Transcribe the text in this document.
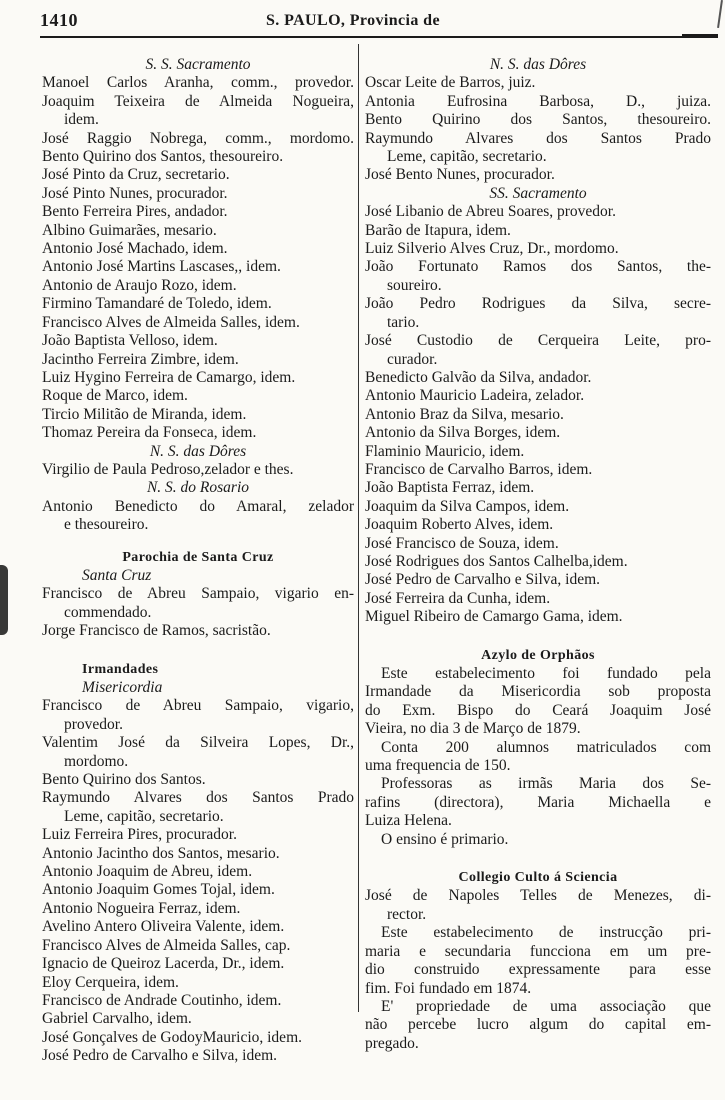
1410	S. PAULO, Provincia de
S. S. Sacramento
Manoel Carlos Aranha, comm., provedor.
Joaquim Teixeira de Almeida Nogueira,
idem.
José Raggio Nobrega, comm., mordomo.
Bento Quirino dos Santos, thesoureiro.
José Pinto da Cruz, secretario.
José Pinto Nunes, procurador.
Bento Ferreira Pires, andador.
Albino Guimarães, mesario.
Antonio José Machado, idem.
Antonio José Martins Lascases,, idem.
Antonio de Araujo Rozo, idem.
Firmino Tamandaré de Toledo, idem.
Francisco Alves de Almeida Salles, idem.
João Baptista Velloso, idem.
Jacintho Ferreira Zimbre, idem.
Luiz Hygino Ferreira de Camargo, idem.
Roque de Marco, idem.
Tircio Militão de Miranda, idem.
Thomaz Pereira da Fonseca, idem.
N. S. das Dôres
Virgilio de Paula Pedroso,zelador e thes.
N. S. do Rosario
Antonio Benedicto do Amaral, zelador
e thesoureiro.

Parochia de Santa Cruz
Santa Cruz
Francisco de Abreu Sampaio, vigario en-
commendado.
Jorge Francisco de Ramos, sacristão.

Irmandades
Misericordia
Francisco de Abreu Sampaio, vigario,
provedor.
Valentim José da Silveira Lopes, Dr.,
mordomo.
Bento Quirino dos Santos.
Raymundo Alvares dos Santos Prado
Leme, capitão, secretario.
Luiz Ferreira Pires, procurador.
Antonio Jacintho dos Santos, mesario.
Antonio Joaquim de Abreu, idem.
Antonio Joaquim Gomes Tojal, idem.
Antonio Nogueira Ferraz, idem.
Avelino Antero Oliveira Valente, idem.
Francisco Alves de Almeida Salles, cap.
Ignacio de Queiroz Lacerda, Dr., idem.
Eloy Cerqueira, idem.
Francisco de Andrade Coutinho, idem.
Gabriel Carvalho, idem.
José Gonçalves de GodoyMauricio, idem.
José Pedro de Carvalho e Silva, idem.
N. S. das Dôres
Oscar Leite de Barros, juiz.
Antonia Eufrosina Barbosa, D., juiza.
Bento Quirino dos Santos, thesoureiro.
Raymundo Alvares dos Santos Prado
Leme, capitão, secretario.
José Bento Nunes, procurador.
SS. Sacramento
José Libanio de Abreu Soares, provedor.
Barão de Itapura, idem.
Luiz Silverio Alves Cruz, Dr., mordomo.
João Fortunato Ramos dos Santos, the-
soureiro.
João Pedro Rodrigues da Silva, secre-
tario.
José Custodio de Cerqueira Leite, pro-
curador.
Benedicto Galvão da Silva, andador.
Antonio Mauricio Ladeira, zelador.
Antonio Braz da Silva, mesario.
Antonio da Silva Borges, idem.
Flaminio Mauricio, idem.
Francisco de Carvalho Barros, idem.
João Baptista Ferraz, idem.
Joaquim da Silva Campos, idem.
Joaquim Roberto Alves, idem.
José Francisco de Souza, idem.
José Rodrigues dos Santos Calhelba,idem.
José Pedro de Carvalho e Silva, idem.
José Ferreira da Cunha, idem.
Miguel Ribeiro de Camargo Gama, idem.

Azylo de Orphãos
Este estabelecimento foi fundado pela
Irmandade da Misericordia sob proposta
do Exm. Bispo do Ceará Joaquim José
Vieira, no dia 3 de Março de 1879.
Conta 200 alumnos matriculados com
uma frequencia de 150.
Professoras as irmãs Maria dos Se-
rafins (directora), Maria Michaella e
Luiza Helena.
O ensino é primario.

Collegio Culto á Sciencia
José de Napoles Telles de Menezes, di-
rector.
Este estabelecimento de instrucção pri-
maria e secundaria funcciona em um pre-
dio construido expressamente para esse
fim. Foi fundado em 1874.
E' propriedade de uma associação que
não percebe lucro algum do capital em-
pregado.
